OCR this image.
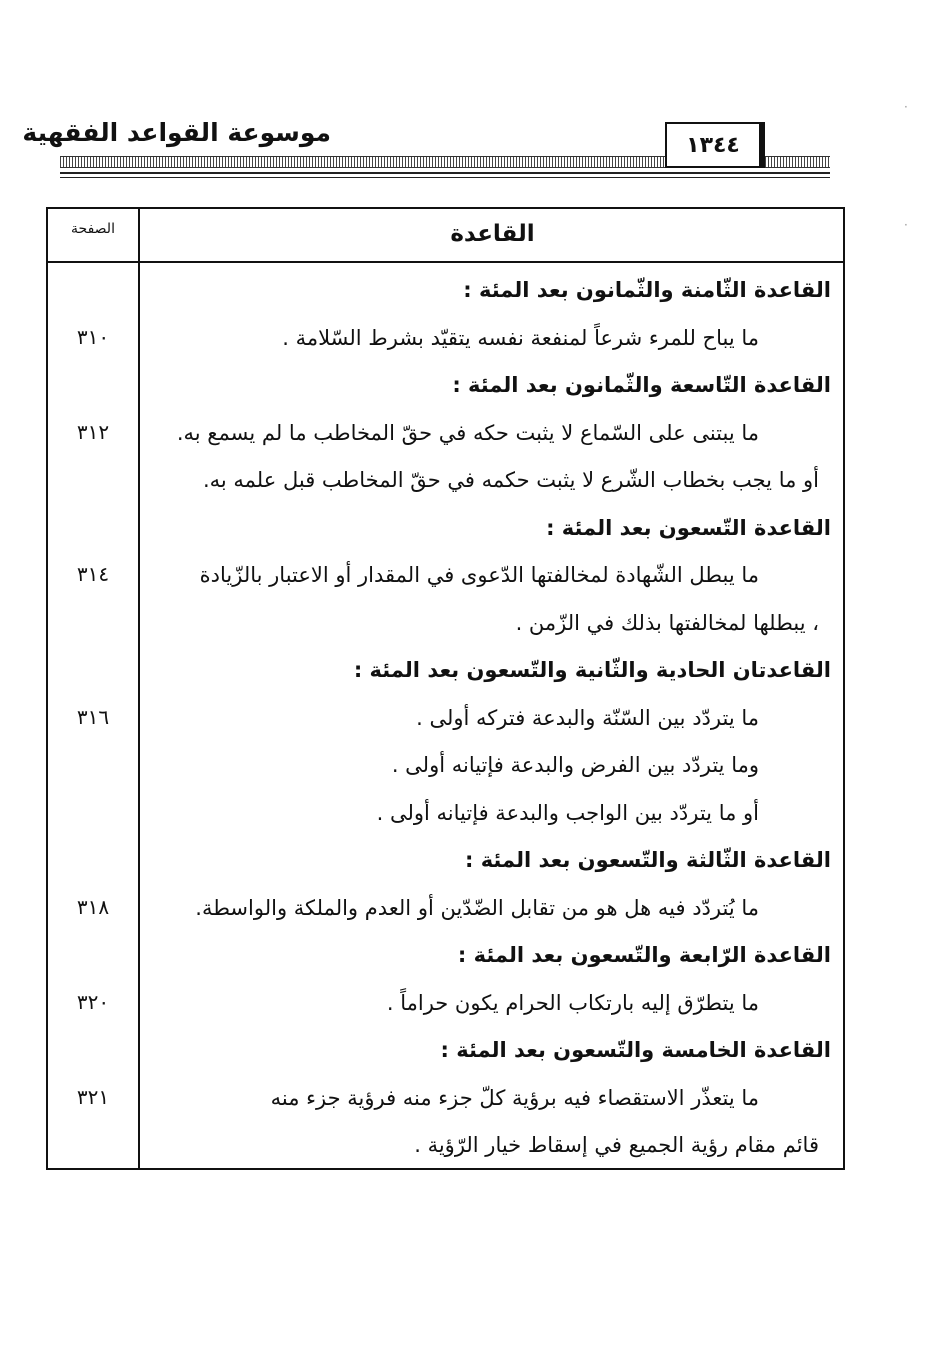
·
·
موسوعة القواعد الفقهية	١٣٤٤
الصفحة	القاعدة
القاعدة الثّامنة والثّمانون بعد المئة :
ما يباح للمرء شرعاً لمنفعة نفسه يتقيّد بشرط السّلامة .
٣١٠
القاعدة التّاسعة والثّمانون بعد المئة :
ما يبتنى على السّماع لا يثبت حكه في حقّ المخاطب ما لم يسمع به.
٣١٢
أو ما يجب بخطاب الشّرع لا يثبت حكمه في حقّ المخاطب قبل علمه به.
القاعدة التّسعون بعد المئة :
ما يبطل الشّهادة لمخالفتها الدّعوى في المقدار أو الاعتبار بالزّيادة
٣١٤
، يبطلها لمخالفتها بذلك في الزّمن .
القاعدتان الحادية والثّانية والتّسعون بعد المئة :
ما يتردّد بين السّنّة والبدعة فتركه أولى .
٣١٦
وما يتردّد بين الفرض والبدعة فإتيانه أولى .
أو ما يتردّد بين الواجب والبدعة فإتيانه أولى .
القاعدة الثّالثة والتّسعون بعد المئة :
ما يُتردّد فيه هل هو من تقابل الضّدّين أو العدم والملكة والواسطة.
٣١٨
القاعدة الرّابعة والتّسعون بعد المئة :
ما يتطرّق إليه بارتكاب الحرام يكون حراماً .
٣٢٠
القاعدة الخامسة والتّسعون بعد المئة :
ما يتعذّر الاستقصاء فيه برؤية كلّ جزء منه فرؤية جزء منه
٣٢١
قائم مقام رؤية الجميع في إسقاط خيار الرّؤية .
